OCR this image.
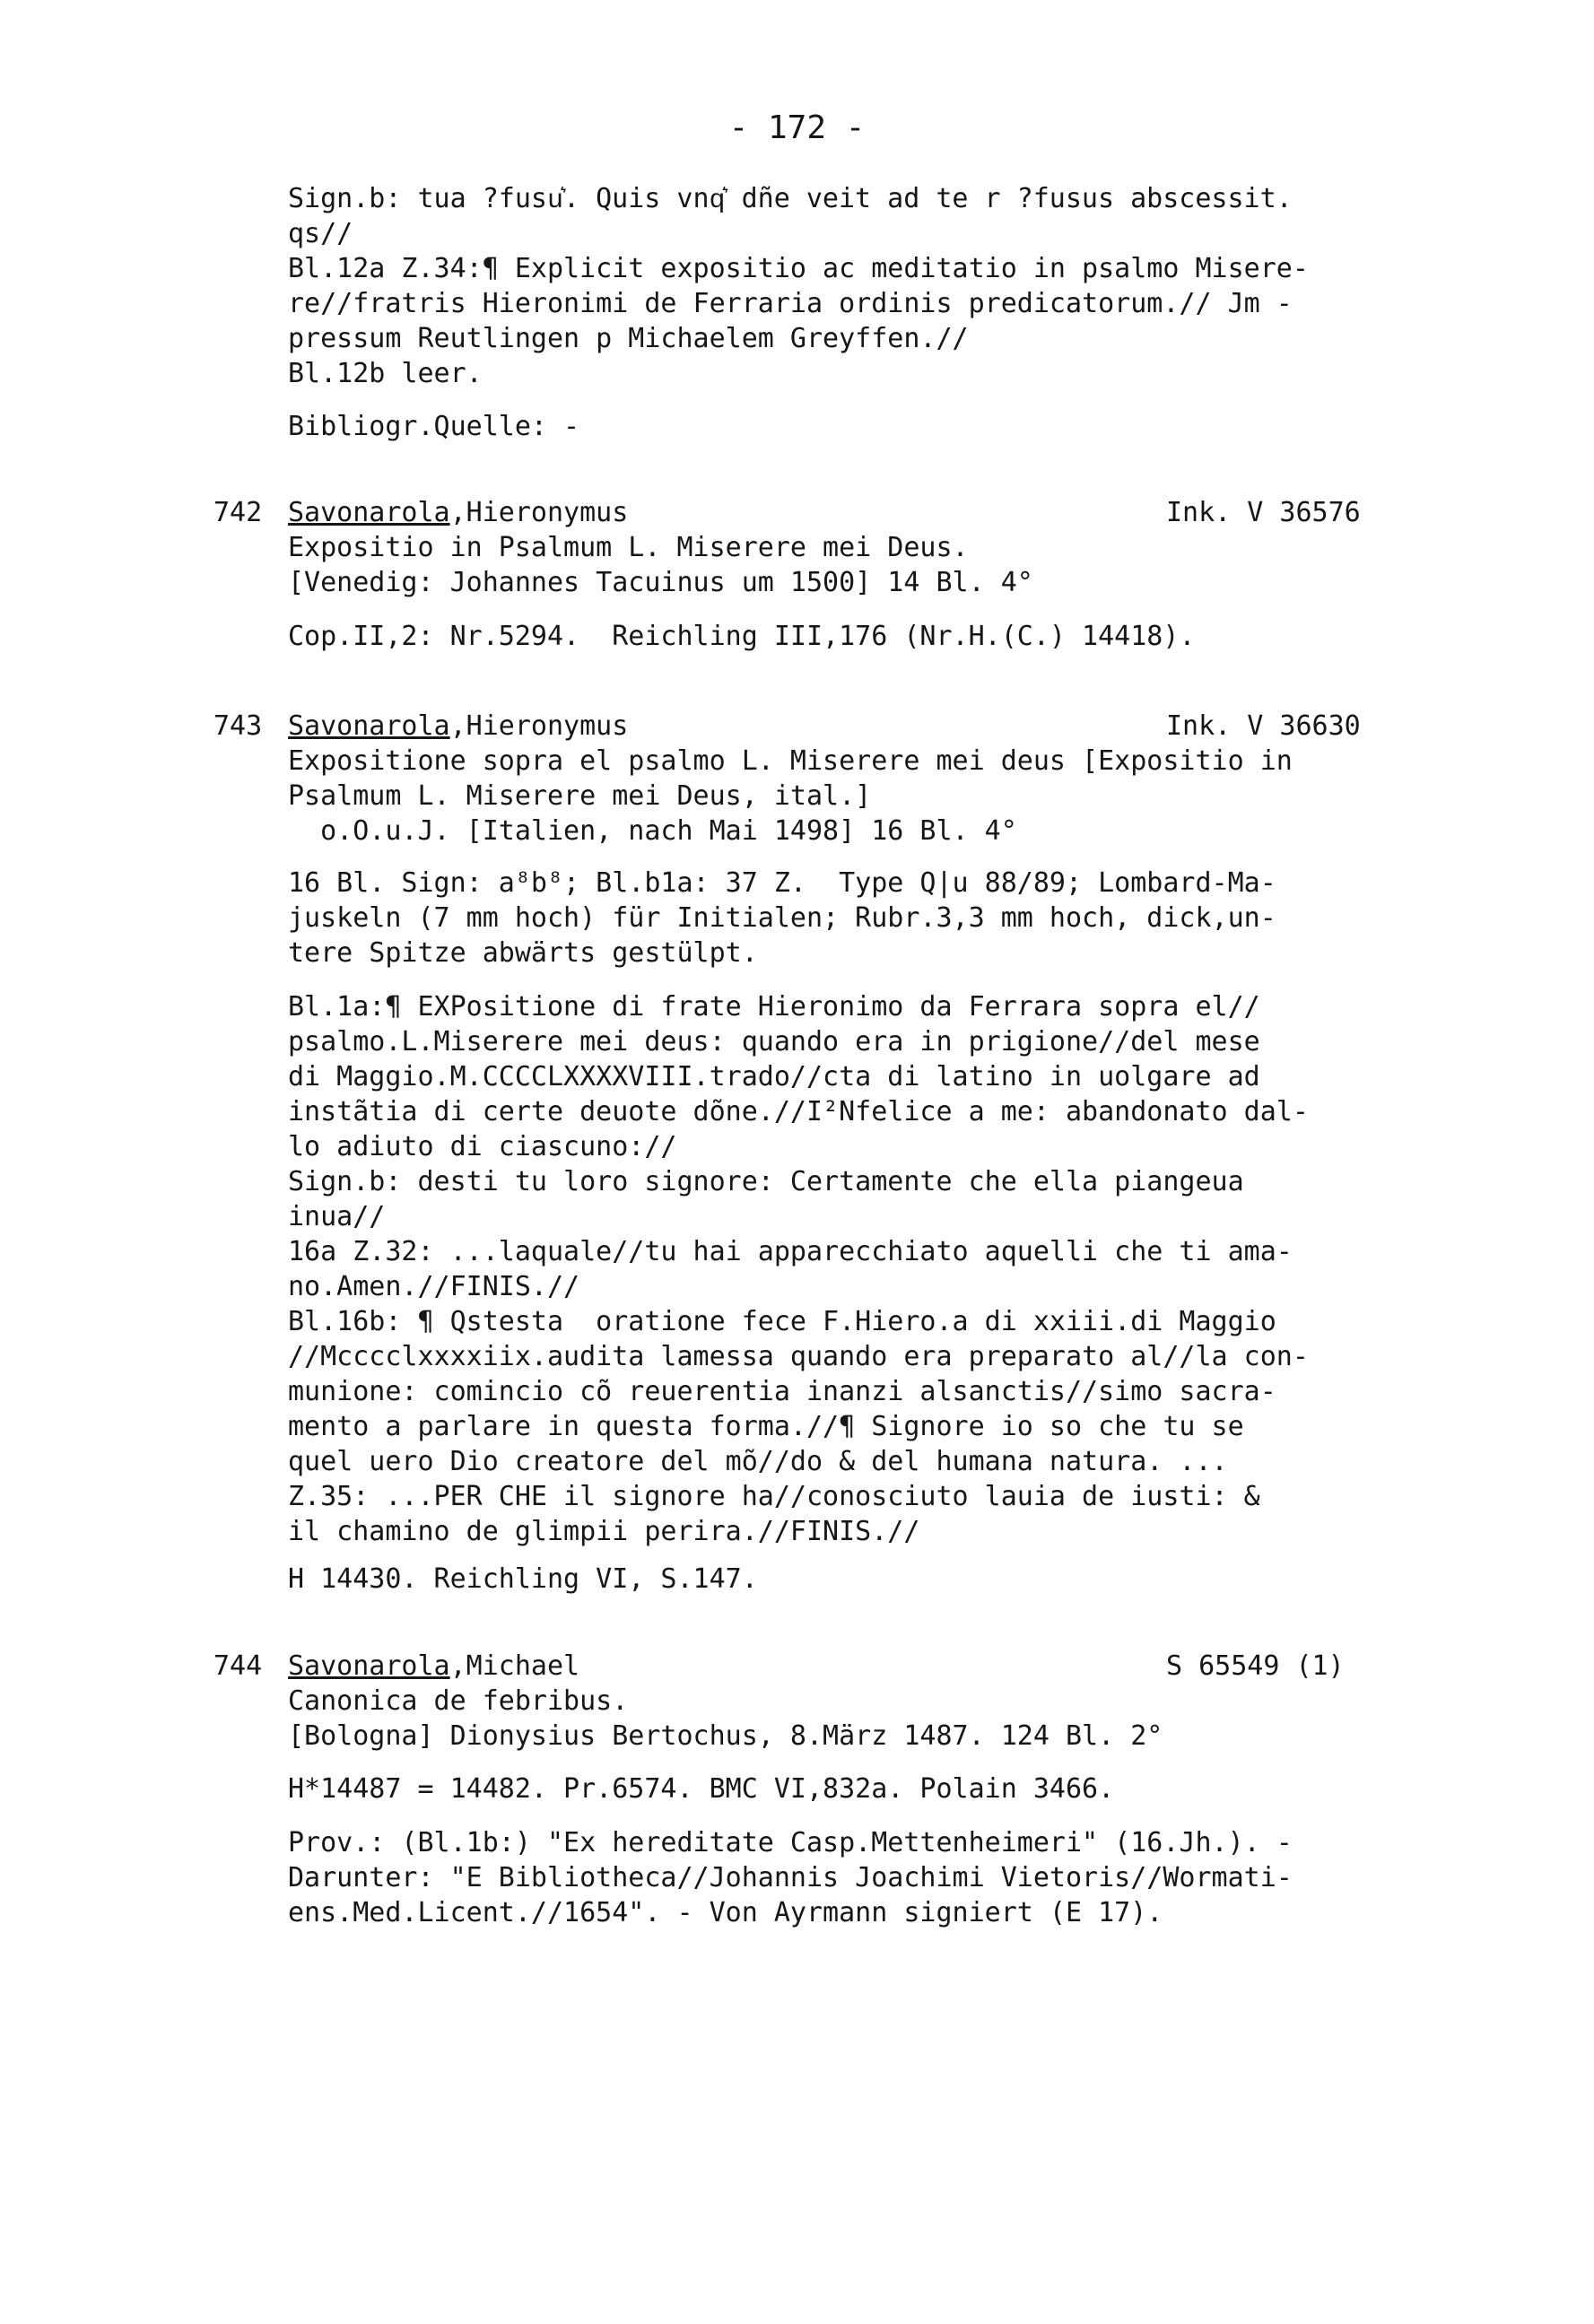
- 172 -
Sign.b: tua ?fusu͛. Quis vnq͛ dñe veit ad te r ?fusus abscessit.
qs//
Bl.12a Z.34:¶ Explicit expositio ac meditatio in psalmo Misere-
re//fratris Hieronimi de Ferraria ordinis predicatorum.// Jm -
pressum Reutlingen p Michaelem Greyffen.//
Bl.12b leer.
Bibliogr.Quelle: -
742 Savonarola,Hieronymus	Ink. V 36576
Expositio in Psalmum L. Miserere mei Deus.
[Venedig: Johannes Tacuinus um 1500] 14 Bl. 4°
Cop.II,2: Nr.5294.  Reichling III,176 (Nr.H.(C.) 14418).
743 Savonarola,Hieronymus	Ink. V 36630
Expositione sopra el psalmo L. Miserere mei deus [Expositio in
Psalmum L. Miserere mei Deus, ital.]
o.O.u.J. [Italien, nach Mai 1498] 16 Bl. 4°
16 Bl. Sign: a⁸b⁸; Bl.b1a: 37 Z.  Type Q|u 88/89; Lombard-Ma-
juskeln (7 mm hoch) für Initialen; Rubr.3,3 mm hoch, dick,un-
tere Spitze abwärts gestülpt.
Bl.1a:¶ EXPositione di frate Hieronimo da Ferrara sopra el//
psalmo.L.Miserere mei deus: quando era in prigione//del mese
di Maggio.M.CCCCLXXXXVIII.trado//cta di latino in uolgare ad
instãtia di certe deuote dõne.//I²Nfelice a me: abandonato dal-
lo adiuto di ciascuno://
Sign.b: desti tu loro signore: Certamente che ella piangeua
inua//
16a Z.32: ...laquale//tu hai apparecchiato aquelli che ti ama-
no.Amen.//FINIS.//
Bl.16b: ¶ Qstesta  oratione fece F.Hiero.a di xxiii.di Maggio
//Mcccclxxxxiix.audita lamessa quando era preparato al//la con-
munione: comincio cõ reuerentia inanzi alsanctis//simo sacra-
mento a parlare in questa forma.//¶ Signore io so che tu se
quel uero Dio creatore del mõ//do & del humana natura. ...
Z.35: ...PER CHE il signore ha//conosciuto lauia de iusti: &
il chamino de glimpii perira.//FINIS.//
H 14430. Reichling VI, S.147.
744 Savonarola,Michael	S 65549 (1)
Canonica de febribus.
[Bologna] Dionysius Bertochus, 8.März 1487. 124 Bl. 2°
H*14487 = 14482. Pr.6574. BMC VI,832a. Polain 3466.
Prov.: (Bl.1b:) "Ex hereditate Casp.Mettenheimeri" (16.Jh.). -
Darunter: "E Bibliotheca//Johannis Joachimi Vietoris//Wormati-
ens.Med.Licent.//1654". - Von Ayrmann signiert (E 17).
